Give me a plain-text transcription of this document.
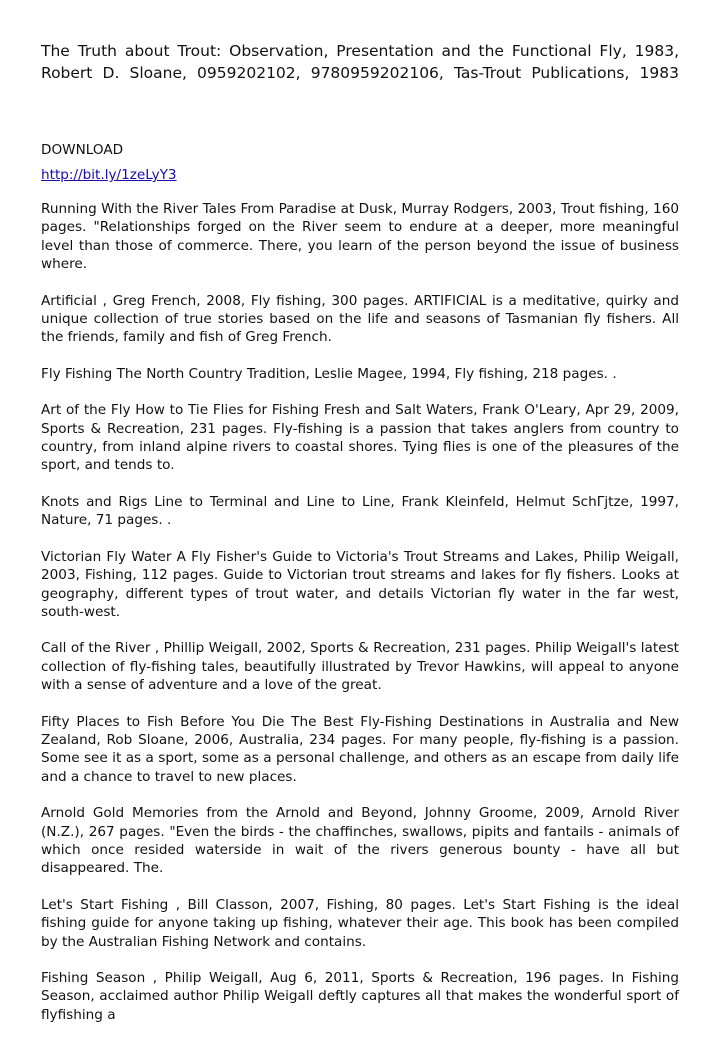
The Truth about Trout: Observation, Presentation and the Functional Fly, 1983, Robert D. Sloane, 0959202102, 9780959202106, Tas-Trout Publications, 1983
DOWNLOAD
http://bit.ly/1zeLyY3

Running With the River Tales From Paradise at Dusk, Murray Rodgers, 2003, Trout fishing, 160 pages. "Relationships forged on the River seem to endure at a deeper, more meaningful level than those of commerce. There, you learn of the person beyond the issue of business where.

Artificial , Greg French, 2008, Fly fishing, 300 pages. ARTIFICIAL is a meditative, quirky and unique collection of true stories based on the life and seasons of Tasmanian fly fishers. All the friends, family and fish of Greg French.

Fly Fishing The North Country Tradition, Leslie Magee, 1994, Fly fishing, 218 pages. .

Art of the Fly How to Tie Flies for Fishing Fresh and Salt Waters, Frank O'Leary, Apr 29, 2009, Sports & Recreation, 231 pages. Fly-fishing is a passion that takes anglers from country to country, from inland alpine rivers to coastal shores. Tying flies is one of the pleasures of the sport, and tends to.

Knots and Rigs Line to Terminal and Line to Line, Frank Kleinfeld, Helmut SchΓjtze, 1997, Nature, 71 pages. .

Victorian Fly Water A Fly Fisher's Guide to Victoria's Trout Streams and Lakes, Philip Weigall, 2003, Fishing, 112 pages. Guide to Victorian trout streams and lakes for fly fishers. Looks at geography, different types of trout water, and details Victorian fly water in the far west, south-west.

Call of the River , Phillip Weigall, 2002, Sports & Recreation, 231 pages. Philip Weigall's latest collection of fly-fishing tales, beautifully illustrated by Trevor Hawkins, will appeal to anyone with a sense of adventure and a love of the great.

Fifty Places to Fish Before You Die The Best Fly-Fishing Destinations in Australia and New Zealand, Rob Sloane, 2006, Australia, 234 pages. For many people, fly-fishing is a passion. Some see it as a sport, some as a personal challenge, and others as an escape from daily life and a chance to travel to new places.

Arnold Gold Memories from the Arnold and Beyond, Johnny Groome, 2009, Arnold River (N.Z.), 267 pages. "Even the birds - the chaffinches, swallows, pipits and fantails - animals of which once resided waterside in wait of the rivers generous bounty - have all but disappeared. The.

Let's Start Fishing , Bill Classon, 2007, Fishing, 80 pages. Let's Start Fishing is the ideal fishing guide for anyone taking up fishing, whatever their age. This book has been compiled by the Australian Fishing Network and contains.

Fishing Season , Philip Weigall, Aug 6, 2011, Sports & Recreation, 196 pages. In Fishing Season, acclaimed author Philip Weigall deftly captures all that makes the wonderful sport of flyfishing a
